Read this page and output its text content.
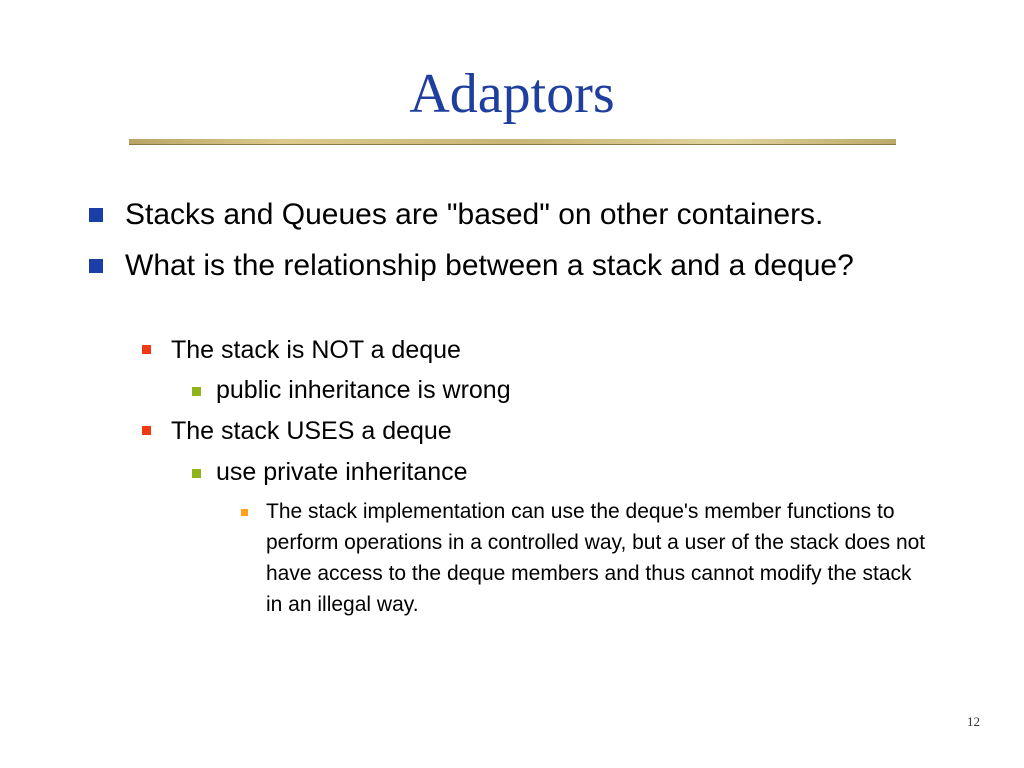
Adaptors
Stacks and Queues are "based" on other containers.
What is the relationship between a stack and a deque?
The stack is NOT a deque
public inheritance is wrong
The stack USES a deque
use private inheritance
The stack implementation can use the deque's member functions to perform operations in a controlled way, but a user of the stack does not have access to the deque members and thus cannot modify the stack in an illegal way.
12
